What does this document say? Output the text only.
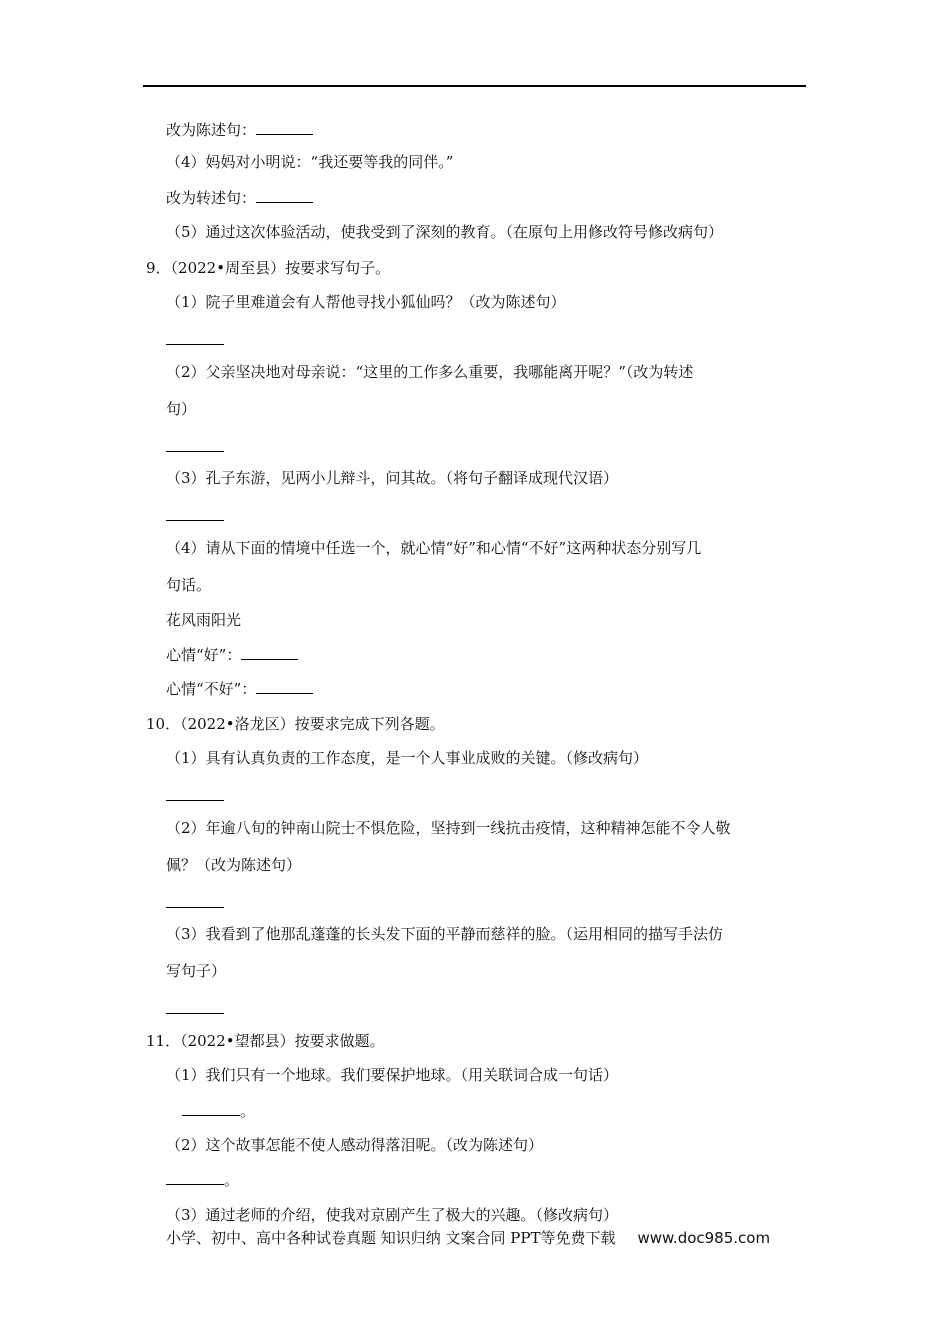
改为陈述句：
（4）妈妈对小明说：“我还要等我的同伴。”
改为转述句：
（5）通过这次体验活动，使我受到了深刻的教育。（在原句上用修改符号修改病句）
9．（2022•周至县）按要求写句子。
（1）院子里难道会有人帮他寻找小狐仙吗？（改为陈述句）
（2）父亲坚决地对母亲说：“这里的工作多么重要，我哪能离开呢？”（改为转述
句）
（3）孔子东游，见两小儿辩斗，问其故。（将句子翻译成现代汉语）
（4）请从下面的情境中任选一个，就心情“好”和心情“不好”这两种状态分别写几
句话。
花风雨阳光
心情“好”：
心情“不好”：
10．（2022•洛龙区）按要求完成下列各题。
（1）具有认真负责的工作态度，是一个人事业成败的关键。（修改病句）
（2）年逾八旬的钟南山院士不惧危险，坚持到一线抗击疫情，这种精神怎能不令人敬
佩？（改为陈述句）
（3）我看到了他那乱蓬蓬的长头发下面的平静而慈祥的脸。（运用相同的描写手法仿
写句子）
11．（2022•望都县）按要求做题。
（1）我们只有一个地球。我们要保护地球。（用关联词合成一句话）
。
（2）这个故事怎能不使人感动得落泪呢。（改为陈述句）
。
（3）通过老师的介绍，使我对京剧产生了极大的兴趣。（修改病句）
小学、初中、高中各种试卷真题 知识归纳 文案合同 PPT等免费下载 www.doc985.com
